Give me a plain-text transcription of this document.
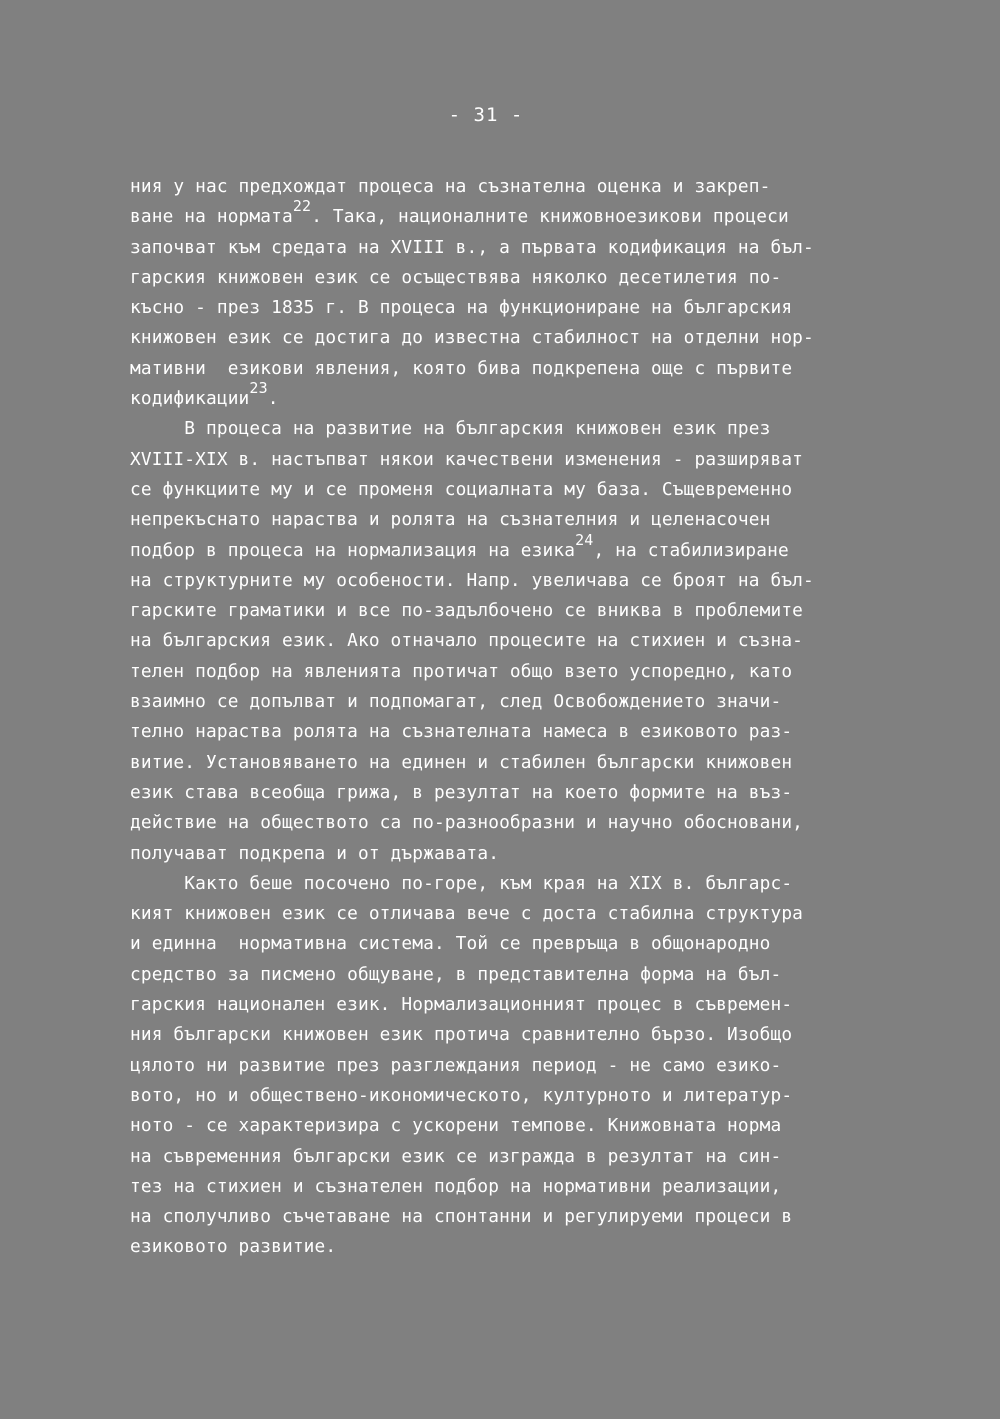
- 31 -
ния у нас предхождат процеса на съзнателна оценка и закреп-
ване на нормата$^{22}$. Така, националните книжовноезикови процеси
започват към средата на XVIII в., а първата кодификация на бъл-
гарския книжовен език се осъществява няколко десетилетия по-
късно - през 1835 г. В процеса на функциониране на българския
книжовен език се достига до известна стабилност на отделни нор-
мативни  езикови явления, която бива подкрепена още с първите
кодификации$^{23}$.
В процеса на развитие на българския книжовен език през
XVIII-XIX в. настъпват някои качествени изменения - разширяват
се функциите му и се променя социалната му база. Същевременно
непрекъснато нараства и ролята на съзнателния и целенасочен
подбор в процеса на нормализация на езика$^{24}$, на стабилизиране
на структурните му особености. Напр. увеличава се броят на бъл-
гарските граматики и все по-задълбочено се вниква в проблемите
на българския език. Ако отначало процесите на стихиен и съзна-
телен подбор на явленията протичат общо взето успоредно, като
взаимно се допълват и подпомагат, след Освобождението значи-
телно нараства ролята на съзнателната намеса в езиковото раз-
витие. Установяването на единен и стабилен български книжовен
език става всеобща грижа, в резултат на което формите на въз-
действие на обществото са по-разнообразни и научно обосновани,
получават подкрепа и от държавата.
Както беше посочено по-горе, към края на XIX в. българс-
кият книжовен език се отличава вече с доста стабилна структура
и единна  нормативна система. Той се превръща в общонародно
средство за писмено общуване, в представителна форма на бъл-
гарския национален език. Нормализационният процес в съвремен-
ния български книжовен език протича сравнително бързо. Изобщо
цялото ни развитие през разглеждания период - не само езико-
вото, но и обществено-икономическото, културното и литератур-
ното - се характеризира с ускорени темпове. Книжовната норма
на съвременния български език се изгражда в резултат на син-
тез на стихиен и съзнателен подбор на нормативни реализации,
на сполучливо съчетаване на спонтанни и регулируеми процеси в
езиковото развитие.
